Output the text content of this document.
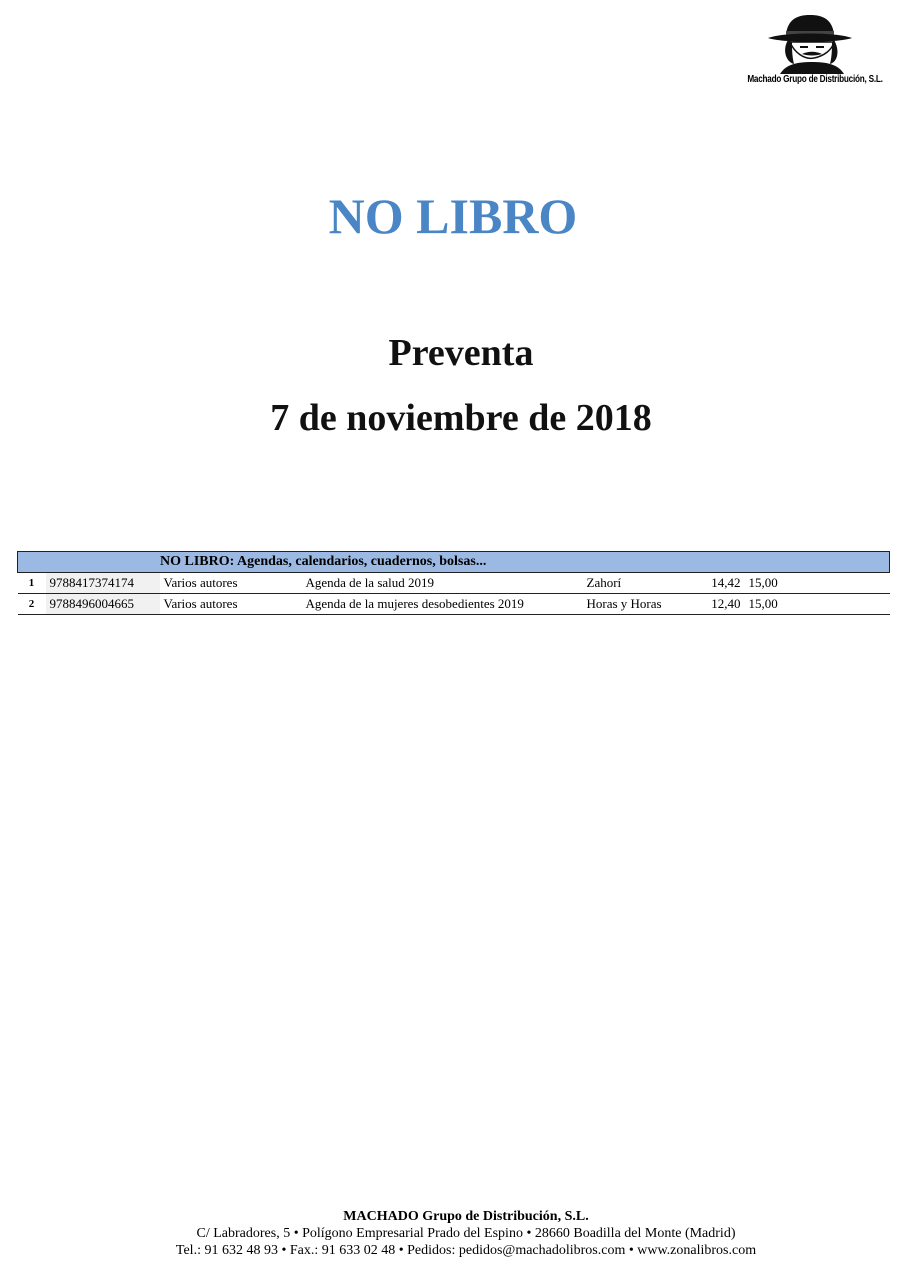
Machado Grupo de Distribución, S.L.
NO LIBRO
Preventa
7 de noviembre de 2018
NO LIBRO: Agendas, calendarios, cuadernos, bolsas...						
1	9788417374174	Varios autores	Agenda de la salud 2019	Zahorí	14,42	15,00
2	9788496004665	Varios autores	Agenda de la mujeres desobedientes 2019	Horas y Horas	12,40	15,00
MACHADO Grupo de Distribución, S.L.
C/ Labradores, 5 • Polígono Empresarial Prado del Espino • 28660 Boadilla del Monte (Madrid)
Tel.: 91 632 48 93 • Fax.: 91 633 02 48 • Pedidos: pedidos@machadolibros.com • www.zonalibros.com
